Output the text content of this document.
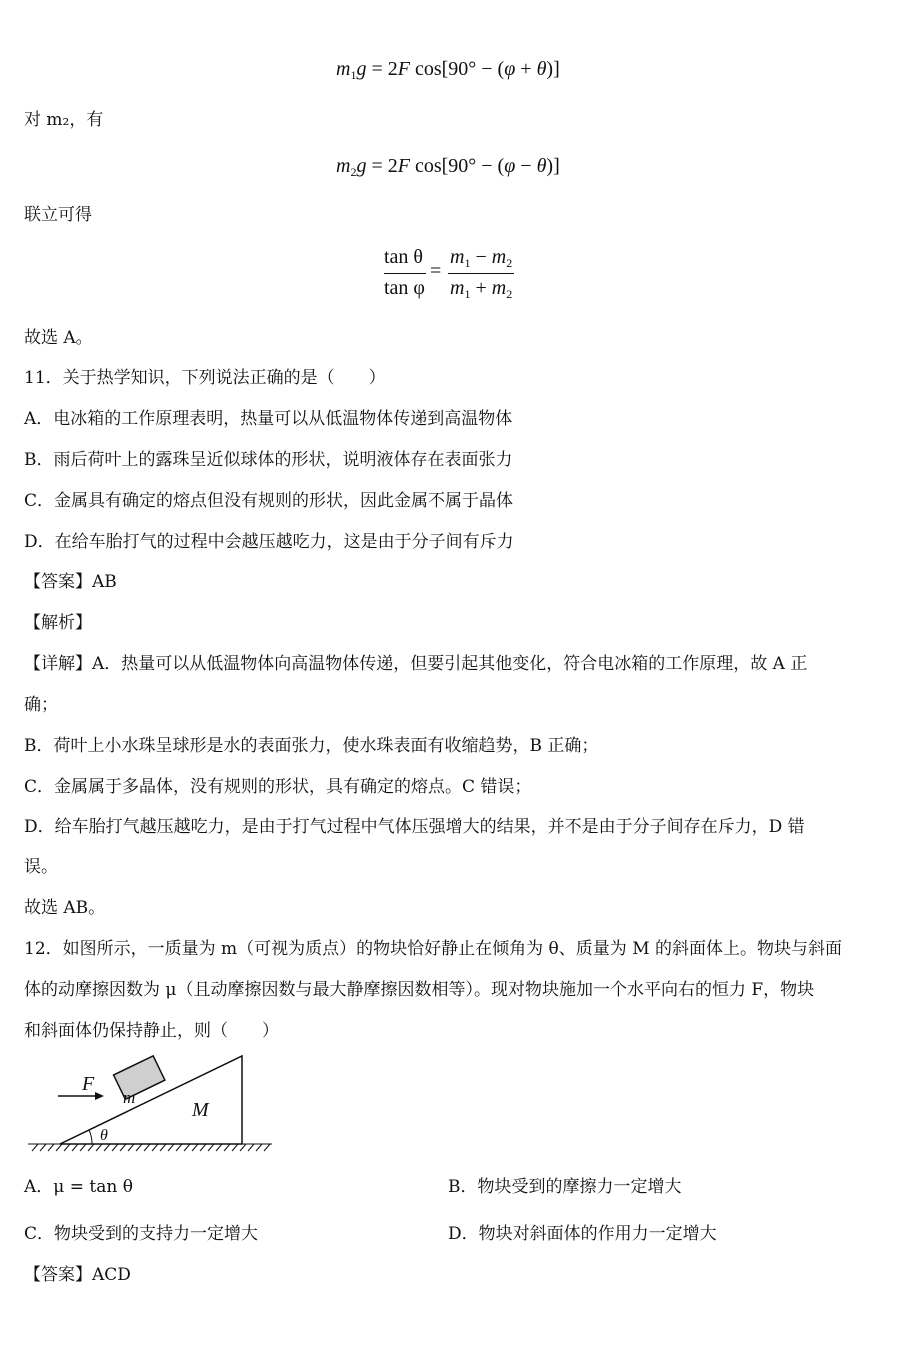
$m_1g = 2F$ cos[90° − (φ + θ)]
对 m₂，有
$m_2g = 2F$ cos[90° − (φ − θ)]
联立可得
tan θ
tan φ
=
$m_1 - m_2$
$m_1 + m_2$
故选 A。
11．关于热学知识，下列说法正确的是（　　）
A．电冰箱的工作原理表明，热量可以从低温物体传递到高温物体
B．雨后荷叶上的露珠呈近似球体的形状，说明液体存在表面张力
C．金属具有确定的熔点但没有规则的形状，因此金属不属于晶体
D．在给车胎打气的过程中会越压越吃力，这是由于分子间有斥力
【答案】AB
【解析】
【详解】A．热量可以从低温物体向高温物体传递，但要引起其他变化，符合电冰箱的工作原理，故 A 正
确；
B．荷叶上小水珠呈球形是水的表面张力，使水珠表面有收缩趋势，B 正确；
C．金属属于多晶体，没有规则的形状，具有确定的熔点。C 错误；
D．给车胎打气越压越吃力，是由于打气过程中气体压强增大的结果，并不是由于分子间存在斥力，D 错
误。
故选 AB。
12．如图所示，一质量为 m（可视为质点）的物块恰好静止在倾角为 θ、质量为 M 的斜面体上。物块与斜面
体的动摩擦因数为 μ（且动摩擦因数与最大静摩擦因数相等）。现对物块施加一个水平向右的恒力 F，物块
和斜面体仍保持静止，则（　　）
F
m
M
θ
A．μ = tan θ	B．物块受到的摩擦力一定增大
C．物块受到的支持力一定增大	D．物块对斜面体的作用力一定增大
【答案】ACD
